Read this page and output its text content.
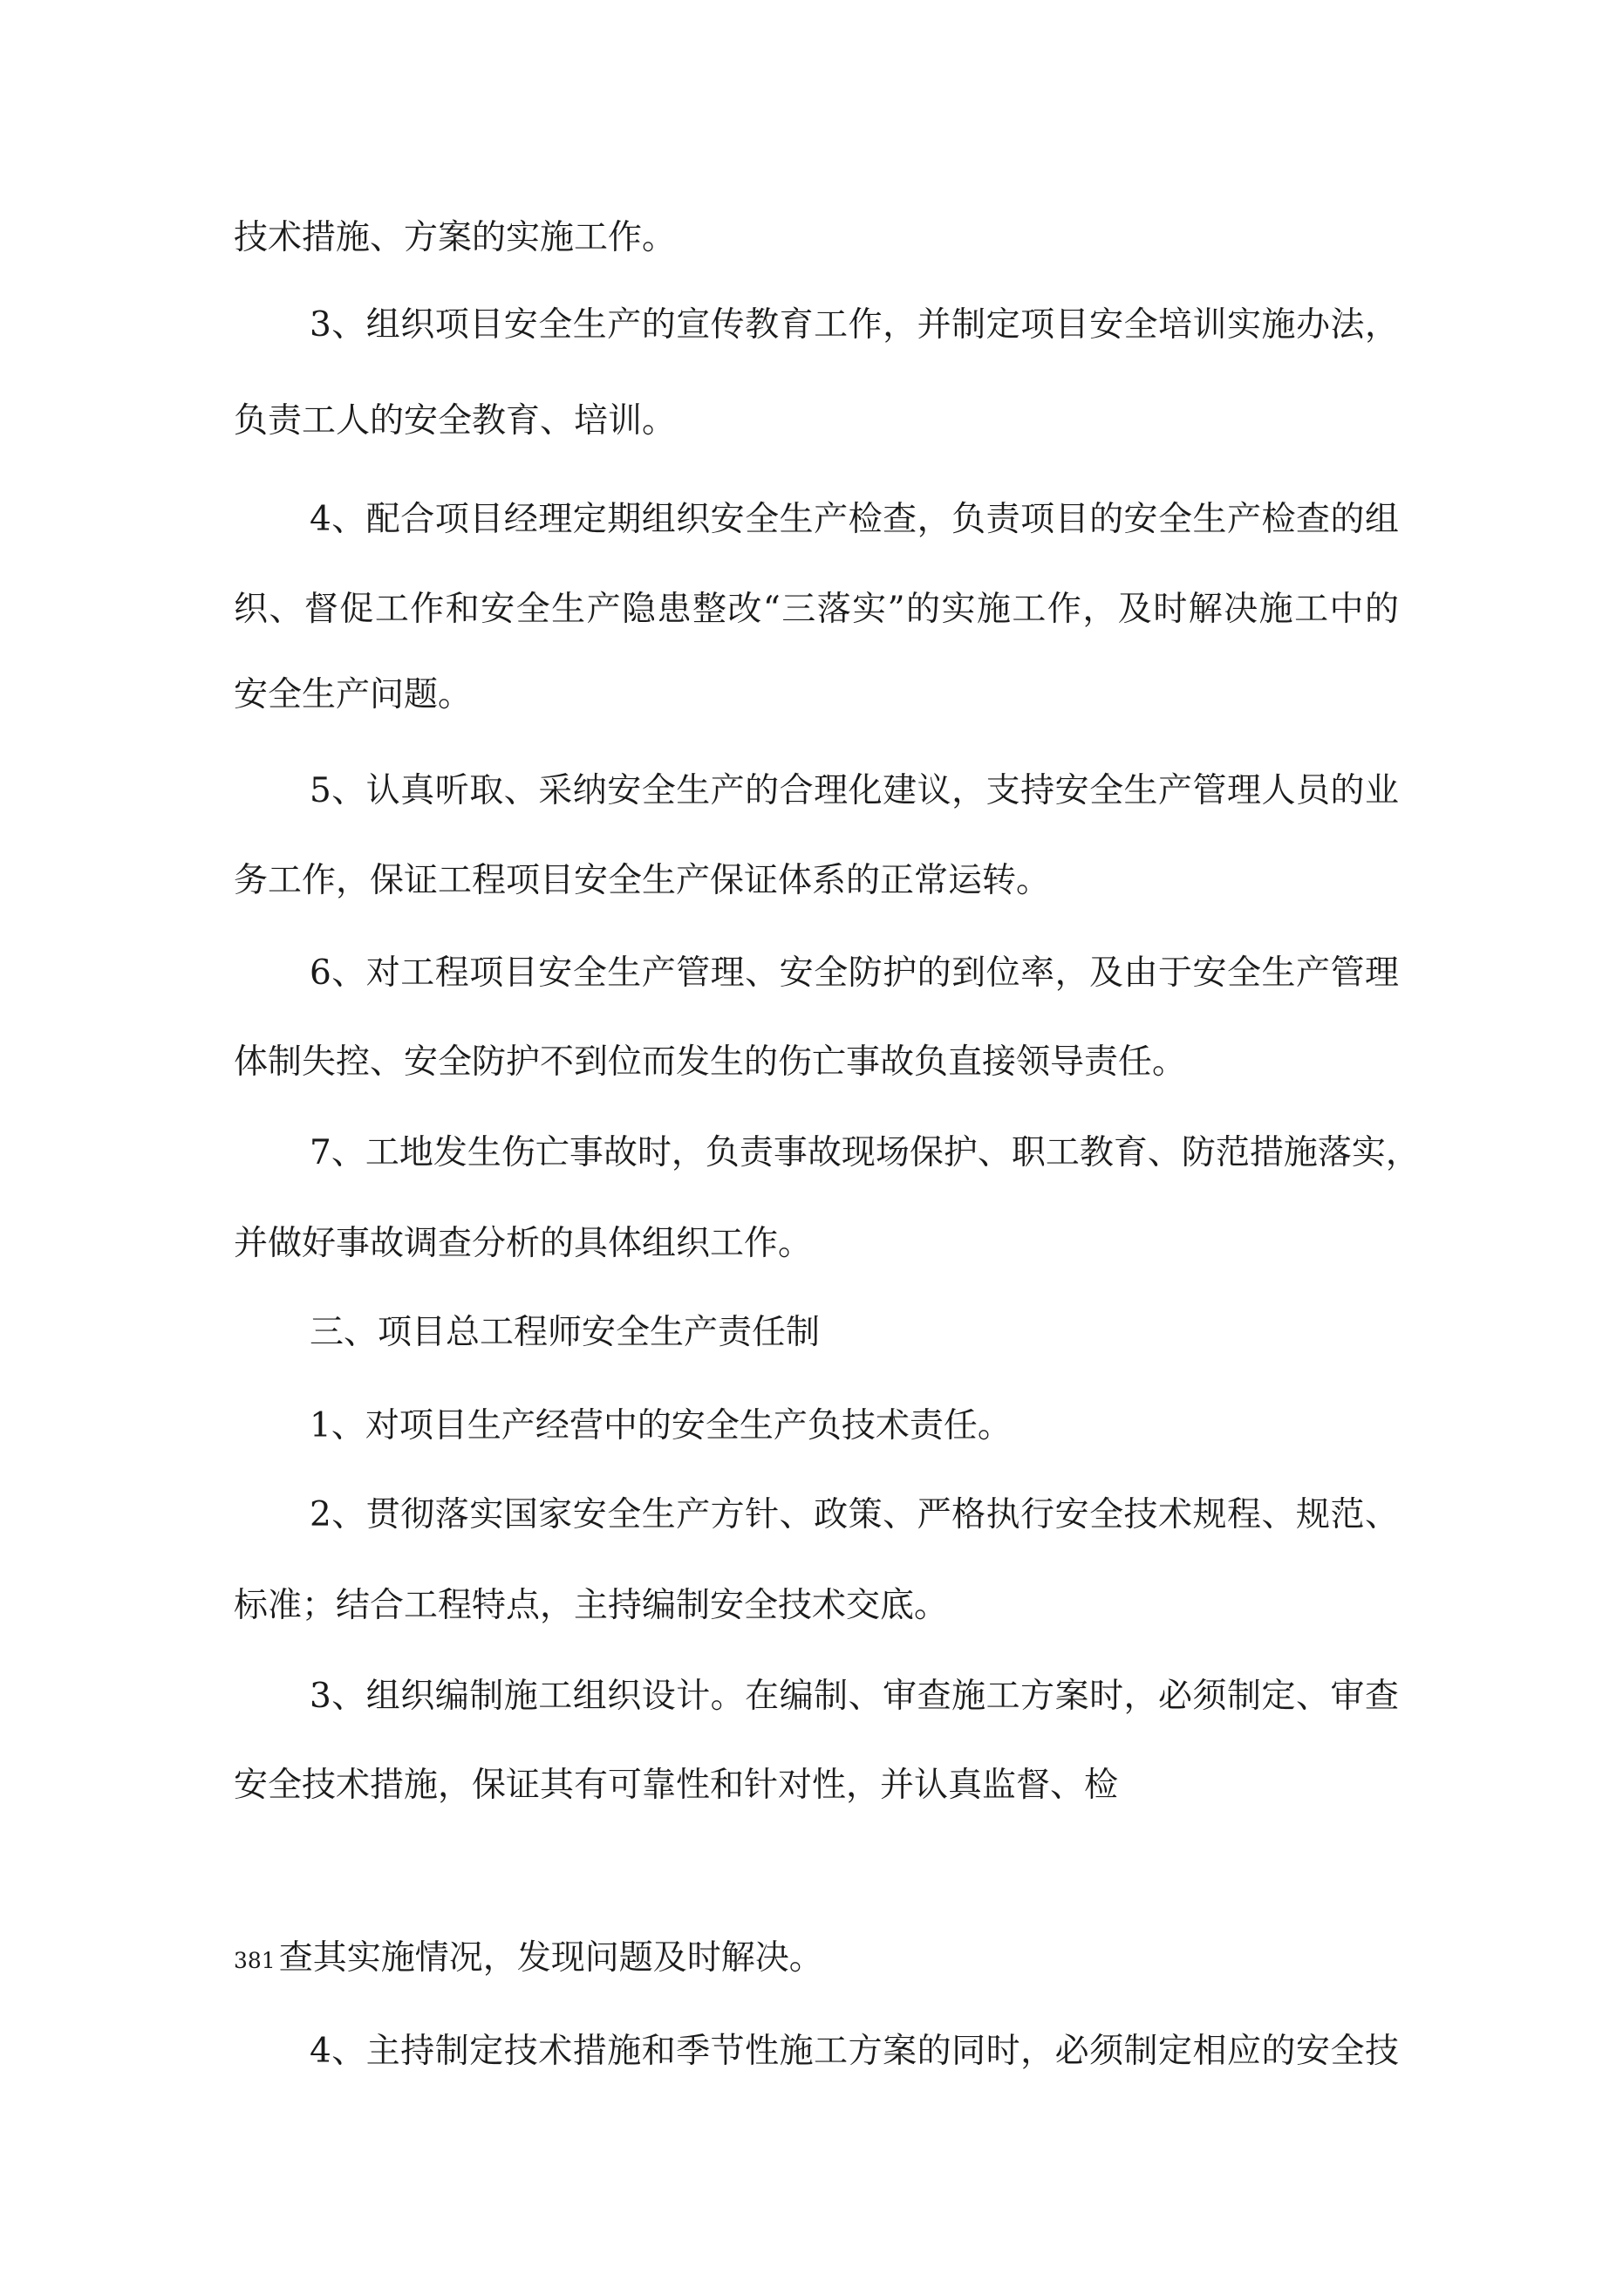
技术措施、方案的实施工作。

3、组织项目安全生产的宣传教育工作，并制定项目安全培训实施办法，

负责工人的安全教育、培训。

4、配合项目经理定期组织安全生产检查，负责项目的安全生产检查的组

织、督促工作和安全生产隐患整改“三落实”的实施工作，及时解决施工中的

安全生产问题。

5、认真听取、采纳安全生产的合理化建议，支持安全生产管理人员的业

务工作，保证工程项目安全生产保证体系的正常运转。

6、对工程项目安全生产管理、安全防护的到位率，及由于安全生产管理

体制失控、安全防护不到位而发生的伤亡事故负直接领导责任。

7、工地发生伤亡事故时，负责事故现场保护、职工教育、防范措施落实，

并做好事故调查分析的具体组织工作。

三、项目总工程师安全生产责任制

1、对项目生产经营中的安全生产负技术责任。

2、贯彻落实国家安全生产方针、政策、严格执行安全技术规程、规范、

标准；结合工程特点，主持编制安全技术交底。

3、组织编制施工组织设计。在编制、审查施工方案时，必须制定、审查

安全技术措施，保证其有可靠性和针对性，并认真监督、检

381 查其实施情况，发现问题及时解决。

4、主持制定技术措施和季节性施工方案的同时，必须制定相应的安全技
